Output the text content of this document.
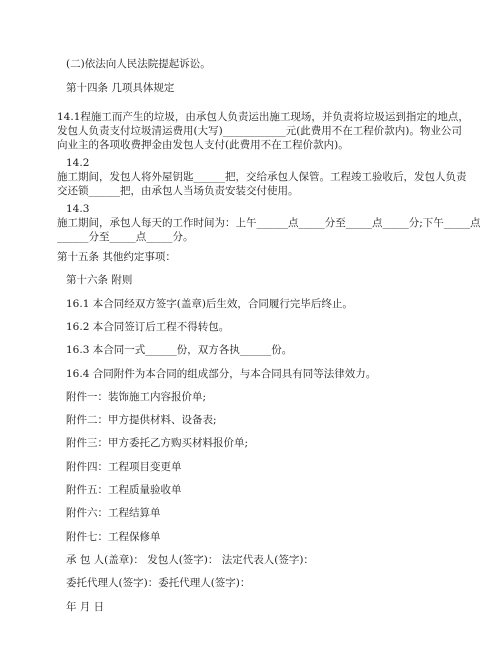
(二)依法向人民法院提起诉讼。
第十四条 几项具体规定
14.1程施工而产生的垃圾，由承包人负责运出施工现场，并负责将垃圾运到指定的地点，
发包人负责支付垃圾清运费用(大写)____________元(此费用不在工程价款内)。物业公司
向业主的各项收费押金由发包人支付(此费用不在工程价款内)。
14.2
施工期间，发包人将外屋钥匙______把，交给承包人保管。工程竣工验收后，发包人负责
交还锁______把，由承包人当场负责安装交付使用。
14.3
施工期间，承包人每天的工作时间为：上午______点_____分至_____点_____分;下午_____点
______分至_____点_____分。
第十五条 其他约定事项：
第十六条 附则
16.1 本合同经双方签字(盖章)后生效，合同履行完毕后终止。
16.2 本合同签订后工程不得转包。
16.3 本合同一式______份，双方各执______份。
16.4 合同附件为本合同的组成部分，与本合同具有同等法律效力。
附件一：装饰施工内容报价单;
附件二：甲方提供材料、设备表;
附件三：甲方委托乙方购买材料报价单;
附件四：工程项目变更单
附件五：工程质量验收单
附件六：工程结算单
附件七：工程保修单
承 包 人(盖章)： 发包人(签字)： 法定代表人(签字)：
委托代理人(签字)：委托代理人(签字)：
年 月 日
